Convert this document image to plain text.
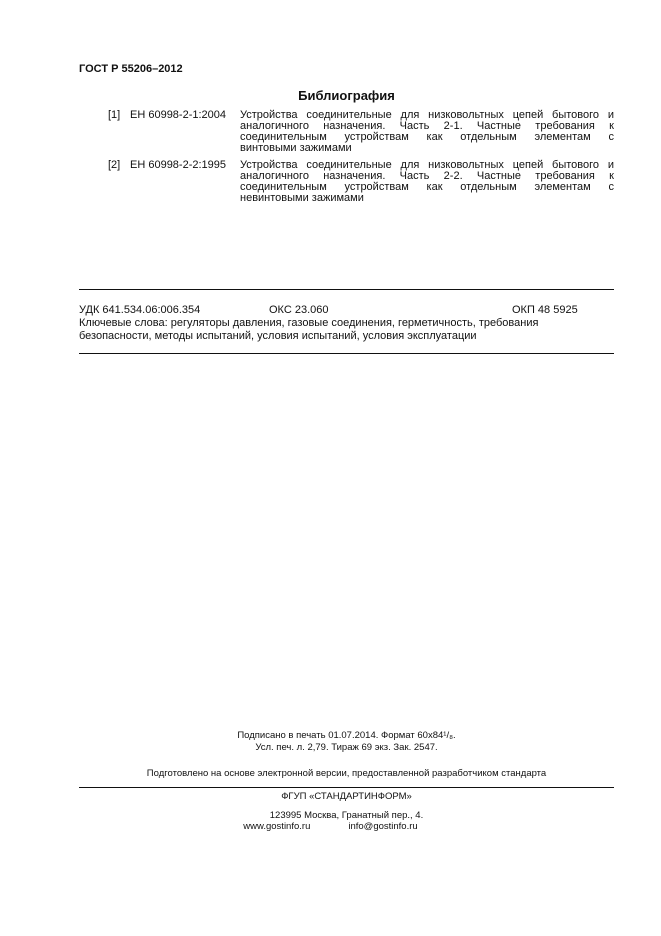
ГОСТ Р 55206–2012
Библиография
[1] ЕН 60998-2-1:2004	Устройства соединительные для низковольтных цепей бытового и
аналогичного назначения. Часть 2-1. Частные требования к
соединительным устройствам как отдельным элементам с
винтовыми зажимами
[2] ЕН 60998-2-2:1995	Устройства соединительные для низковольтных цепей бытового и
аналогичного назначения. Часть 2-2. Частные требования к
соединительным устройствам как отдельным элементам с
невинтовыми зажимами
УДК 641.534.06:006.354	ОКС 23.060	ОКП 48 5925
Ключевые слова: регуляторы давления, газовые соединения, герметичность, требования
безопасности, методы испытаний, условия испытаний, условия эксплуатации
Подписано в печать 01.07.2014. Формат 60x84¹/₈.
Усл. печ. л. 2,79. Тираж 69 экз. Зак. 2547.
Подготовлено на основе электронной версии, предоставленной разработчиком стандарта
ФГУП «СТАНДАРТИНФОРМ»
123995 Москва, Гранатный пер., 4.
www.gostinfo.ru	info@gostinfo.ru
